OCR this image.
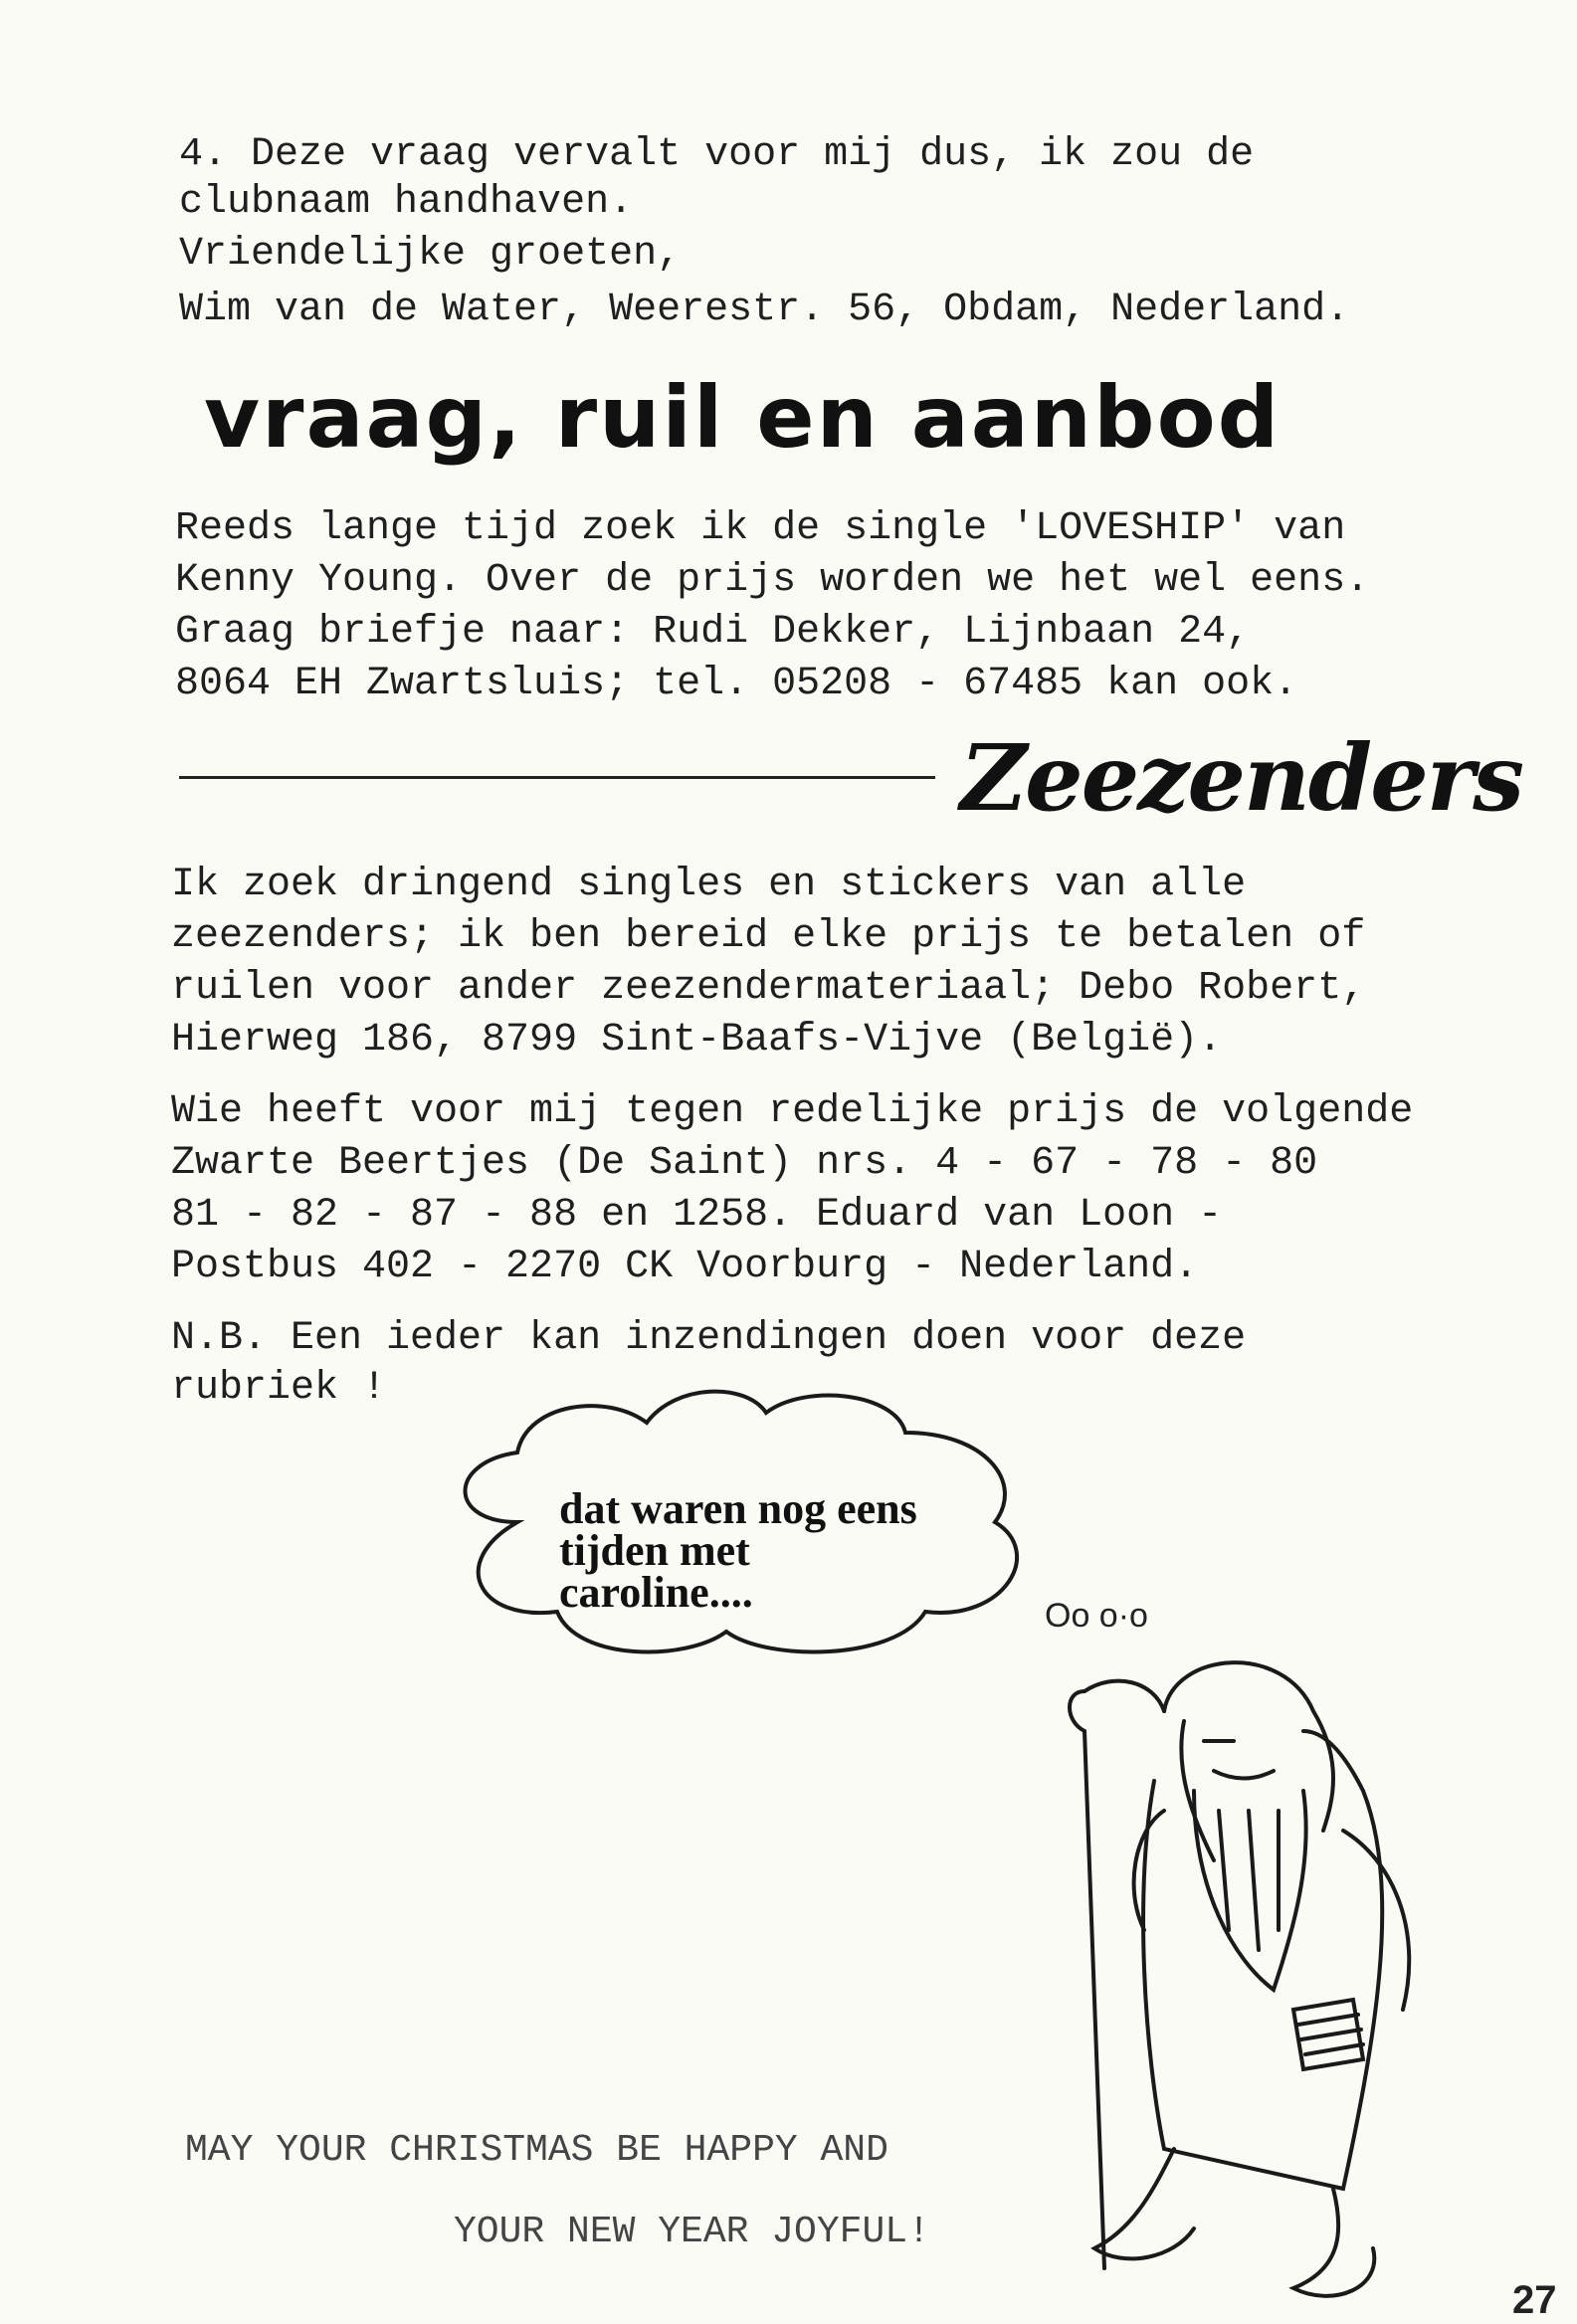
4. Deze vraag vervalt voor mij dus, ik zou de
clubnaam handhaven.
Vriendelijke groeten,
Wim van de Water, Weerestr. 56, Obdam, Nederland.
vraag, ruil en aanbod
Reeds lange tijd zoek ik de single 'LOVESHIP' van
Kenny Young. Over de prijs worden we het wel eens.
Graag briefje naar: Rudi Dekker, Lijnbaan 24,
8064 EH Zwartsluis; tel. 05208 - 67485 kan ook.
Zeezenders
Ik zoek dringend singles en stickers van alle
zeezenders; ik ben bereid elke prijs te betalen of
ruilen voor ander zeezendermateriaal; Debo Robert,
Hierweg 186, 8799 Sint-Baafs-Vijve (België).
Wie heeft voor mij tegen redelijke prijs de volgende
Zwarte Beertjes (De Saint) nrs. 4 - 67 - 78 - 80
81 - 82 - 87 - 88 en 1258. Eduard van Loon -
Postbus 402 - 2270 CK Voorburg - Nederland.
N.B. Een ieder kan inzendingen doen voor deze
rubriek !
dat waren nog eens
tijden met
caroline....	Oo o·o
MAY YOUR CHRISTMAS BE HAPPY AND
YOUR NEW YEAR JOYFUL!
27
